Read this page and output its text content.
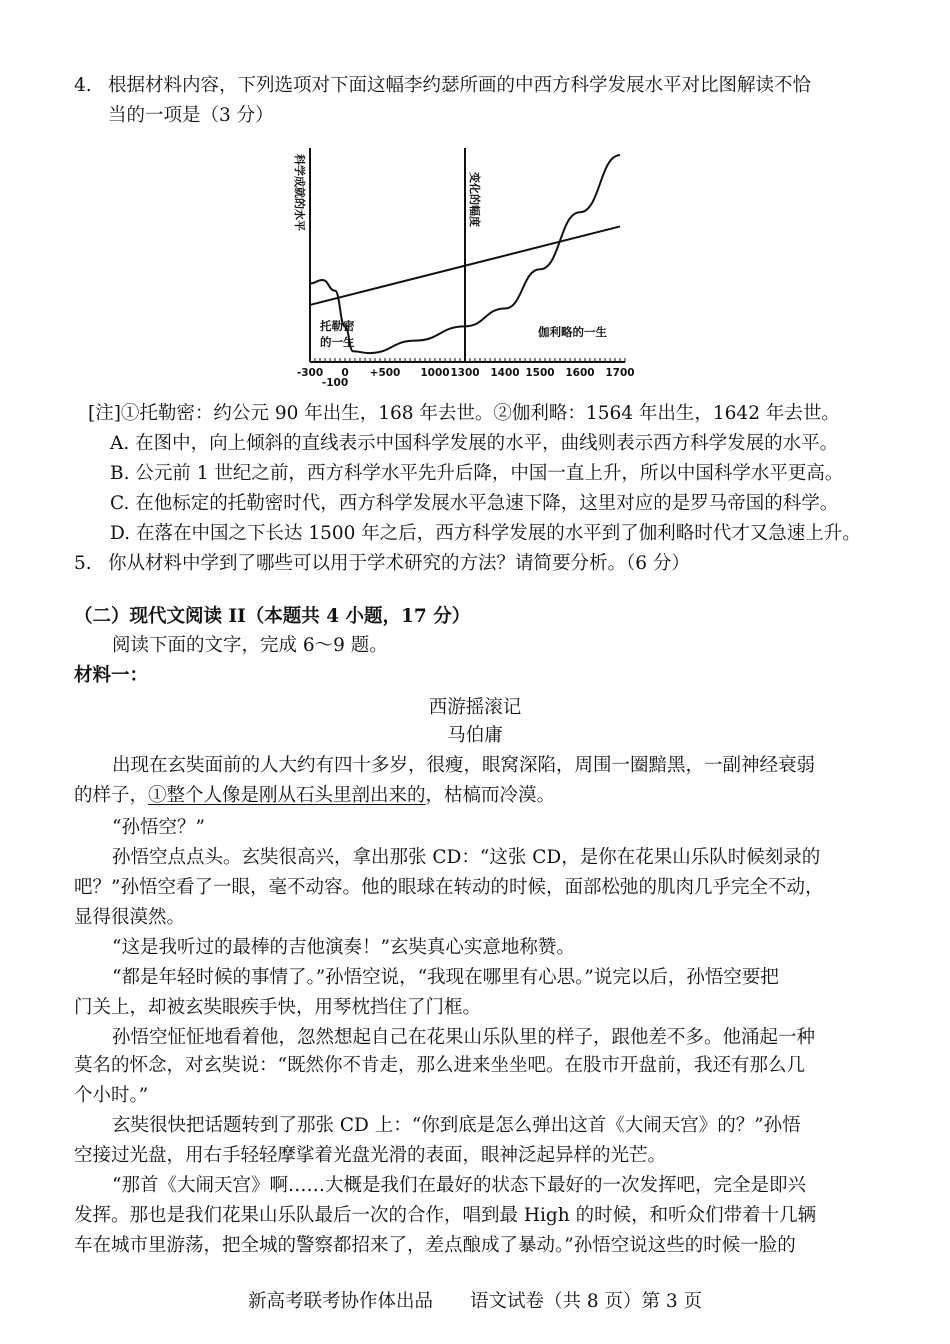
4. 根据材料内容，下列选项对下面这幅李约瑟所画的中西方科学发展水平对比图解读不恰
当的一项是（3 分）
-300
-100
0 +500 1000 1300 1400 1500 1600 1700
科学成就的水平	变化的幅度
托勒密
的一生
伽利略的一生
[注]①托勒密：约公元 90 年出生，168 年去世。②伽利略：1564 年出生，1642 年去世。
A. 在图中，向上倾斜的直线表示中国科学发展的水平，曲线则表示西方科学发展的水平。
B. 公元前 1 世纪之前，西方科学水平先升后降，中国一直上升，所以中国科学水平更高。
C. 在他标定的托勒密时代，西方科学发展水平急速下降，这里对应的是罗马帝国的科学。
D. 在落在中国之下长达 1500 年之后，西方科学发展的水平到了伽利略时代才又急速上升。
5. 你从材料中学到了哪些可以用于学术研究的方法？请简要分析。（6 分）
（二）现代文阅读 II（本题共 4 小题，17 分）
阅读下面的文字，完成 6～9 题。
材料一：
西游摇滚记
马伯庸
出现在玄奘面前的人大约有四十多岁，很瘦，眼窝深陷，周围一圈黯黑，一副神经衰弱
的样子，①整个人像是刚从石头里剖出来的，枯槁而冷漠。
“孙悟空？”
孙悟空点点头。玄奘很高兴，拿出那张 CD：“这张 CD，是你在花果山乐队时候刻录的
吧？”孙悟空看了一眼，毫不动容。他的眼球在转动的时候，面部松弛的肌肉几乎完全不动，
显得很漠然。
“这是我听过的最棒的吉他演奏！”玄奘真心实意地称赞。
“都是年轻时候的事情了。”孙悟空说，“我现在哪里有心思。”说完以后，孙悟空要把
门关上，却被玄奘眼疾手快，用琴枕挡住了门框。
孙悟空怔怔地看着他，忽然想起自己在花果山乐队里的样子，跟他差不多。他涌起一种
莫名的怀念，对玄奘说：“既然你不肯走，那么进来坐坐吧。在股市开盘前，我还有那么几
个小时。”
玄奘很快把话题转到了那张 CD 上：“你到底是怎么弹出这首《大闹天宫》的？”孙悟
空接过光盘，用右手轻轻摩挲着光盘光滑的表面，眼神泛起异样的光芒。
“那首《大闹天宫》啊……大概是我们在最好的状态下最好的一次发挥吧，完全是即兴
发挥。那也是我们花果山乐队最后一次的合作，唱到最 High 的时候，和听众们带着十几辆
车在城市里游荡，把全城的警察都招来了，差点酿成了暴动。”孙悟空说这些的时候一脸的
新高考联考协作体出品　　语文试卷（共 8 页）第 3 页
